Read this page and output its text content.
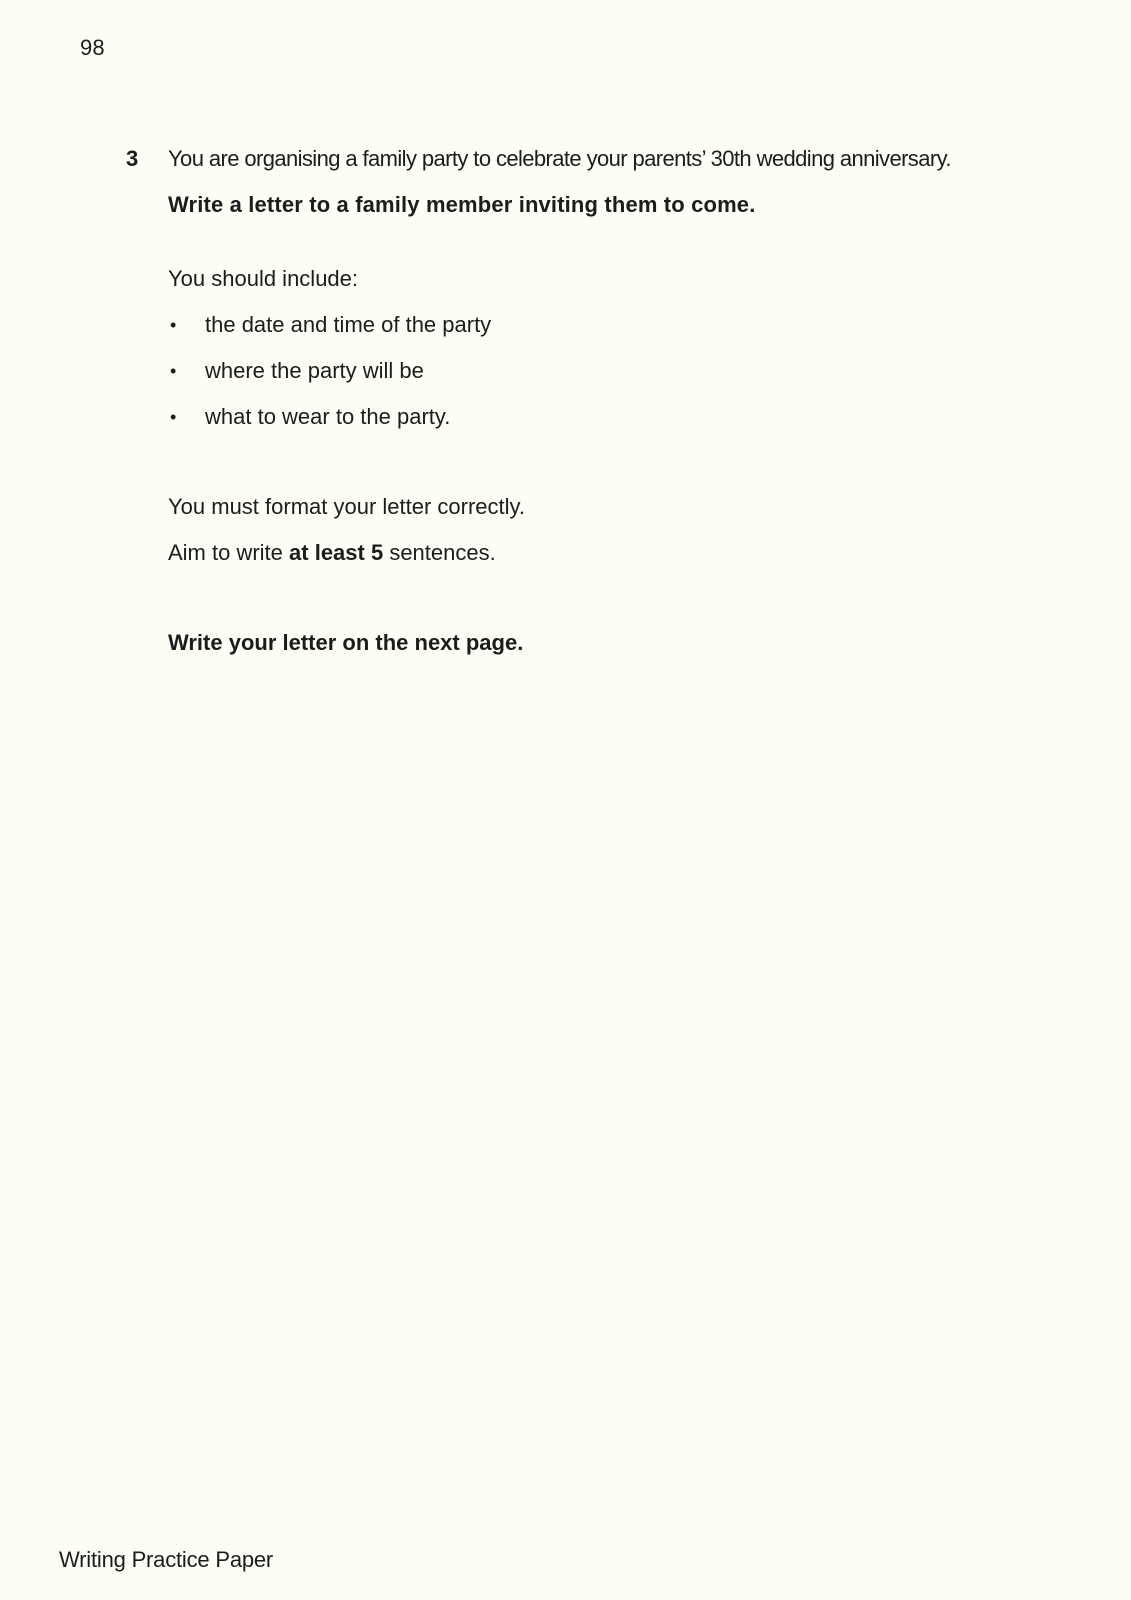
98
3 You are organising a family party to celebrate your parents’ 30th wedding anniversary.
Write a letter to a family member inviting them to come.
You should include:
• the date and time of the party
• where the party will be
• what to wear to the party.
You must format your letter correctly.
Aim to write at least 5 sentences.
Write your letter on the next page.
Writing Practice Paper
